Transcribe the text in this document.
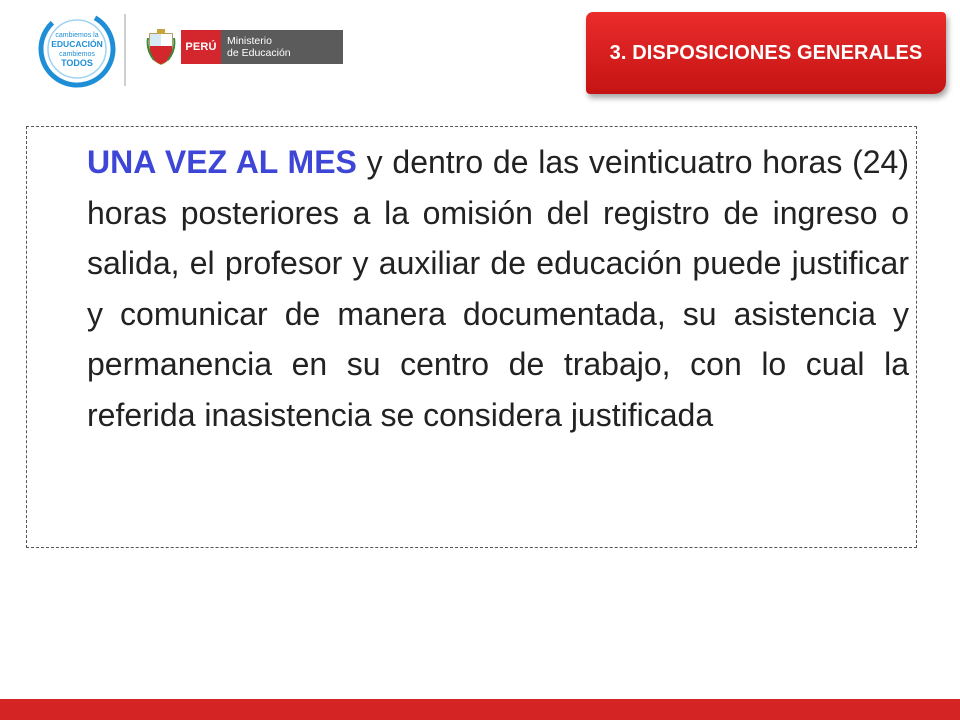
cambiemos la
EDUCACIÓN
cambiemos
TODOS
PERÚ Ministerio
de Educación	3. DISPOSICIONES GENERALES

UNA VEZ AL MES y dentro de las veinticuatro horas (24) horas posteriores a la omisión del registro de ingreso o salida, el profesor y auxiliar de educación puede justificar y comunicar de manera documentada, su asistencia y permanencia en su centro de trabajo, con lo cual la referida inasistencia se considera justificada
